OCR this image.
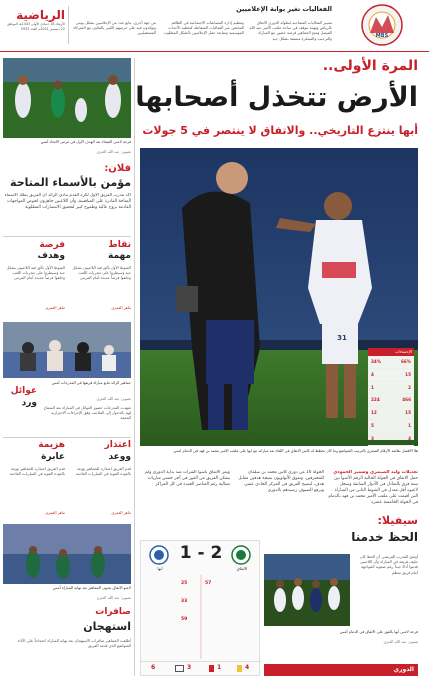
الرياضية
الأربعاء 18 جمادى الأولى 1443هـ الموافق 22 ديسمبر 2021م العدد 5932
من جهة أخرى، يتابع عدد من الإعلاميين بشكل يومي ويؤكدون فيه على حرصهم الكبير بالتعاون مع الشركاء المستقبليين
وتنظيم إدارة المسابقات الاجتماعية في الطاقم المختص عبر الفعاليات المتفاعلة كتغطية الأحداث الموسمية ومتابعة عمل الإعلاميين بالشكل المطلوب
تسيير الفعاليات المصاحبة لبطولة الدوري الاتفاق بالرياض وتهيئة موقف في ساحة ملعب الأمير عبد الله الفيصل ومنح الجماهير فرصة حضور مع المباراة والترحيب والمبتكرة منسقة بشكل جيد
الفعاليات تغير بوابة الإعلاميين
MBS
فرحة لاعبي الفيحاء بعد الهدف الأول في مرمى الاتحاد أمس
تصوير: عبد الله العنزي
فلان:
مؤمن بالأسماء المتاحة
أكد مدرب الفريق الأول لكرة القدم بنادي الرائد أن الفريق يملك الأسماء المتاحة القادرة على المنافسة، وأن اللاعبين جاهزون لخوض المواجهات القادمة بروح عالية وطموح كبير لتحقيق الانتصارات المطلوبة
نقاط
مهمة
فرصة
وهدف
الشوط الأول تألق فيه اللاعبون بشكل جيد وسيطروا على مجريات اللعب وخلقوا فرصاً عديدة أمام المرمى
الشوط الأول تألق فيه اللاعبون بشكل جيد وسيطروا على مجريات اللعب وخلقوا فرصاً عديدة أمام المرمى
ماهر العمري
ماهر العمري
جماهير الرائد تتابع مباراة فريقها في المدرجات أمس
تصوير: عبد الله العنزي
عوائل
ورد	شهدت المدرجات حضور العوائل في المباراة بعد السماح لهم بالدخول إلى الملاعب وفق الإجراءات الاحترازية المتبعة
اعتذار
ووعد
هزيمة
عابرة
قدم الفريق اعتذاره للجماهير ووعد بالعودة القوية في المباريات القادمة
قدم الفريق اعتذاره للجماهير ووعد بالعودة القوية في المباريات القادمة
ماهر العمري
ماهر العمري
لاعبو الاتفاق يحيون الجماهير بعد نهاية المباراة أمس
تصوير: عبد الله العنزي
صافرات
استهجان
أطلقت الجماهير صافرات الاستهجان بعد نهاية المباراة احتجاجاً على الأداء المتواضع الذي قدمه الفريق
المرة الأولى..
الأرض تتخذل أصحابها
أبها ينتزع التاريخي.. والاتفاق لا ينتصر في 5 جولات
31
الإحصاءات
34%	66%
4	15
1	2
224	466
12	15
5	1
3	4
هلا الأفضل بقائمة الأرقام الصغرى بالترتيب المتواضع وما كان يخطط له كابتن الاتفاق في اللقاء بعد مباراته مع أبها على ملعب الأمير محمد بن فهد في الدمام أمس
تعديلات وليد الصيمري وسمير الحمودي
حمل الاتفاق في الجولة الحالية الرقم الأسوأ بين ستة فرق بالتعادل في الأدوار السابقة وسجل لاعبوه أقل معدل في الشوط الثاني من المباراة التي أقيمت على ملعب الأمير محمد بن فهد بالدمام في الجولة الخامسة عشرة
الجولة 16 من دوري كأس محمد بن سلمان للمحترفين، وتفوق الأبهاويون بنتيجة هدفين مقابل هدف، ليصبح الفريق في المركز الحادي عشر، ويرفع الضيوف رصيدهم بالدوري
ويمر الاتفاق بأسوأ الفترات منذ بداية الدوري ولم يتمكن الفريق من الفوز في آخر خمس مباريات متتالية رغم العناصر الجيدة في كل المراكز
الاتفاق
أبها
1 - 2
57
25
33
59
4
1
3
6
سيفيلا:
الحظ خدمنا
أوضح المدرب الفرنسي أن الحظ كان حليف فريقه في المباراة وأن اللاعبين قدموا أداءً جيداً رغم صعوبة المواجهة أمام فريق منظم
فرحة لاعبي أبها بالفوز على الاتفاق في الدمام أمس
تصوير: عبد الله العنزي
الدوري
